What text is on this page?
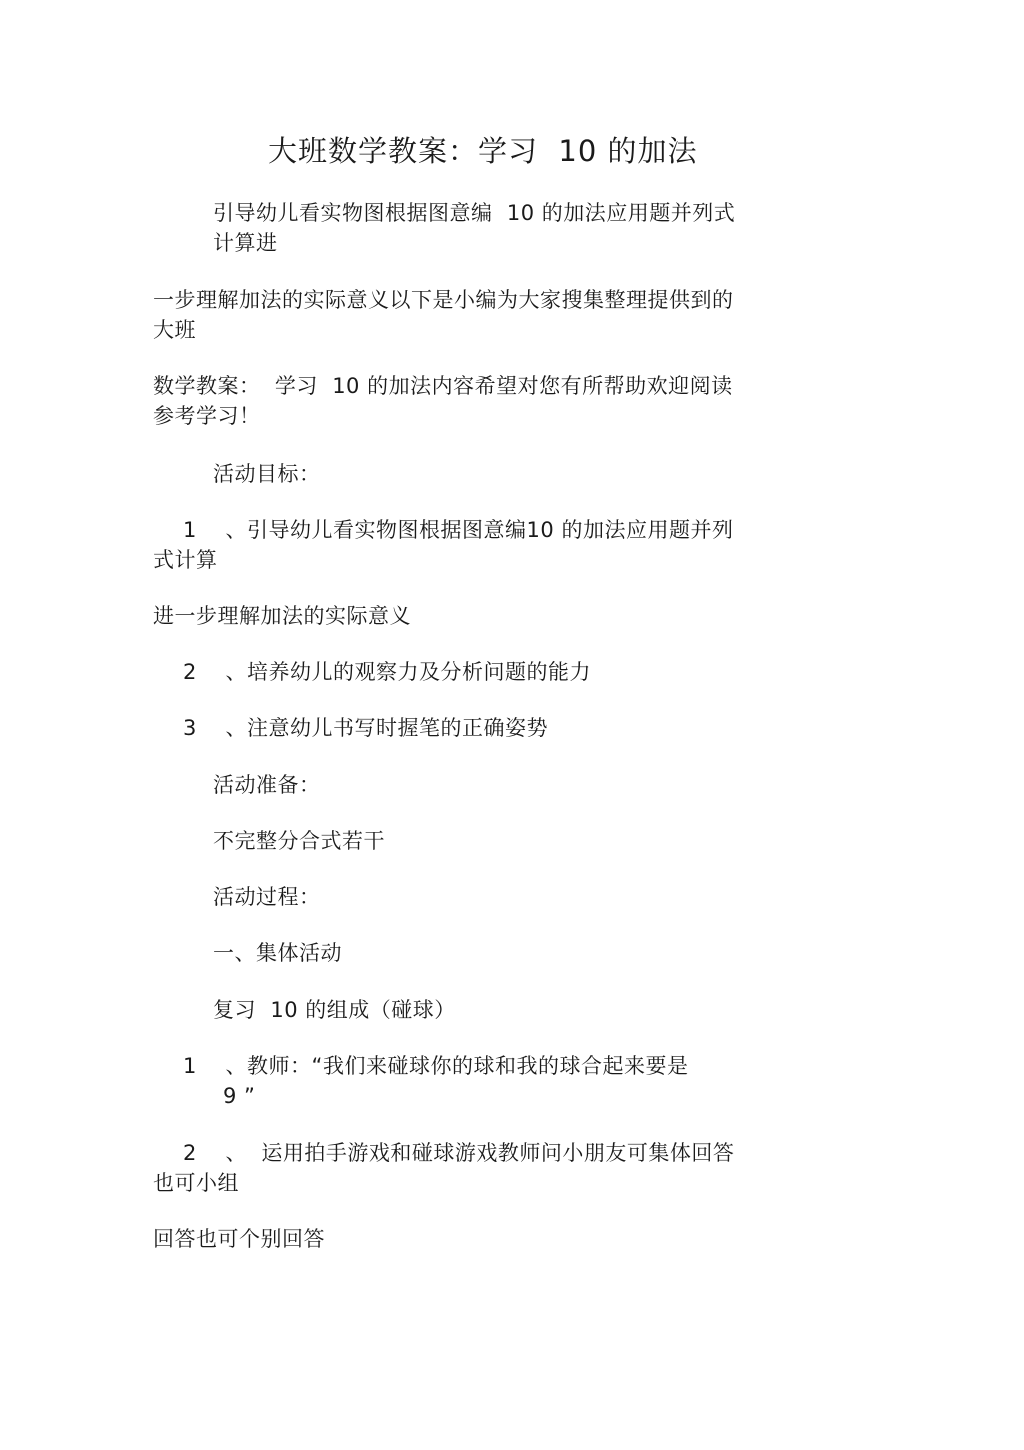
大班数学教案：学习  10 的加法
引导幼儿看实物图根据图意编  10 的加法应用题并列式
计算进
一步理解加法的实际意义以下是小编为大家搜集整理提供到的
大班
数学教案：  学习  10 的加法内容希望对您有所帮助欢迎阅读
参考学习！
活动目标：
1    、引导幼儿看实物图根据图意编10 的加法应用题并列
式计算
进一步理解加法的实际意义
2    、培养幼儿的观察力及分析问题的能力
3    、注意幼儿书写时握笔的正确姿势
活动准备：
不完整分合式若干
活动过程：
一、集体活动
复习  10 的组成（碰球）
1    、教师：“我们来碰球你的球和我的球合起来要是
9 ”
2    、  运用拍手游戏和碰球游戏教师问小朋友可集体回答
也可小组
回答也可个别回答
